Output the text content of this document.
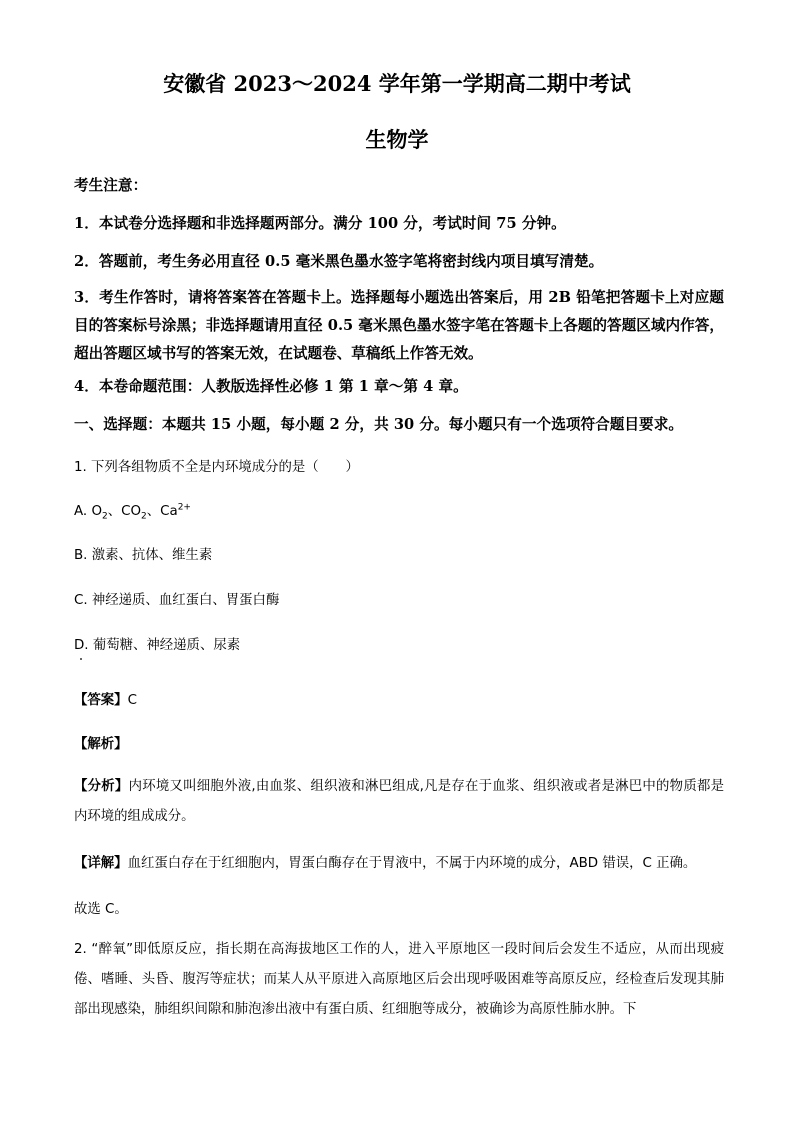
安徽省 2023～2024 学年第一学期高二期中考试
生物学
考生注意：
1．本试卷分选择题和非选择题两部分。满分 100 分，考试时间 75 分钟。
2．答题前，考生务必用直径 0.5 毫米黑色墨水签字笔将密封线内项目填写清楚。
3．考生作答时，请将答案答在答题卡上。选择题每小题选出答案后，用 2B 铅笔把答题卡上对应题目的答案标号涂黑；非选择题请用直径 0.5 毫米黑色墨水签字笔在答题卡上各题的答题区域内作答，超出答题区域书写的答案无效，在试题卷、草稿纸上作答无效。
4．本卷命题范围：人教版选择性必修 1 第 1 章～第 4 章。
一、选择题：本题共 15 小题，每小题 2 分，共 30 分。每小题只有一个选项符合题目要求。
1. 下列各组物质不全是内环境成分的是（　　）
A. $O_2$、$CO_2$、$Ca^{2+}$
B. 激素、抗体、维生素
C. 神经递质、血红蛋白、胃蛋白酶
D. 葡萄糖、神经递质、尿素
【答案】C
【解析】
【分析】内环境又叫细胞外液,由血浆、组织液和淋巴组成,凡是存在于血浆、组织液或者是淋巴中的物质都是内环境的组成成分。
【详解】血红蛋白存在于红细胞内，胃蛋白酶存在于胃液中，不属于内环境的成分，ABD 错误，C 正确。
故选 C。
2. “醉氧”即低原反应，指长期在高海拔地区工作的人，进入平原地区一段时间后会发生不适应，从而出现疲倦、嗜睡、头昏、腹泻等症状；而某人从平原进入高原地区后会出现呼吸困难等高原反应，经检查后发现其肺部出现感染，肺组织间隙和肺泡渗出液中有蛋白质、红细胞等成分，被确诊为高原性肺水肿。下
